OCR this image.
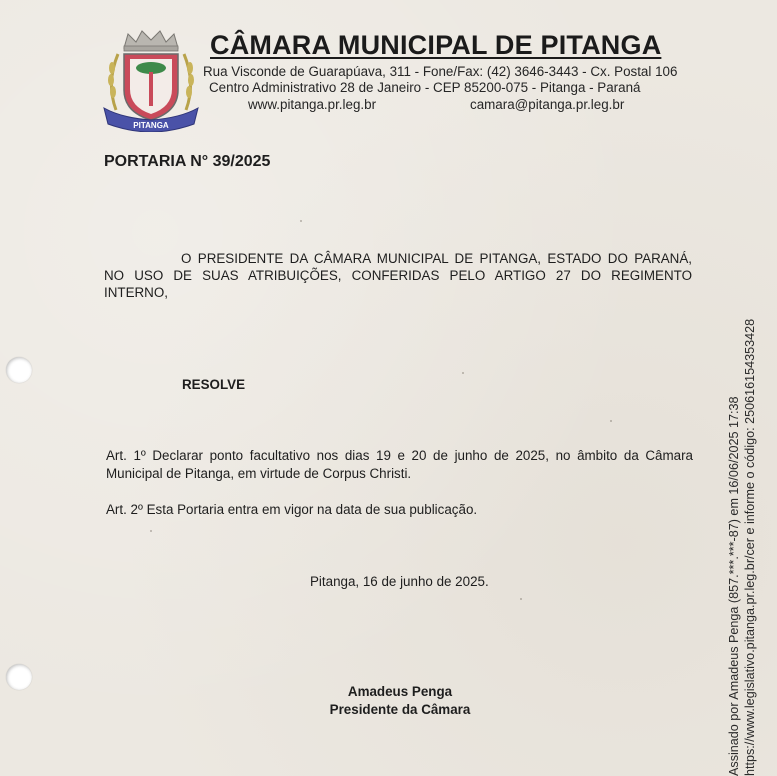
PITANGA
CÂMARA MUNICIPAL DE PITANGA
Rua Visconde de Guarapúava, 311 - Fone/Fax: (42) 3646-3443 - Cx. Postal 106
Centro Administrativo 28 de Janeiro - CEP 85200-075 - Pitanga - Paraná
www.pitanga.pr.leg.br	camara@pitanga.pr.leg.br
PORTARIA N° 39/2025
O PRESIDENTE DA CÂMARA MUNICIPAL DE PITANGA, ESTADO DO PARANÁ, NO USO DE SUAS ATRIBUIÇÕES, CONFERIDAS PELO ARTIGO 27 DO REGIMENTO INTERNO,
RESOLVE
Art. 1º Declarar ponto facultativo nos dias 19 e 20 de junho de 2025, no âmbito da Câmara Municipal de Pitanga, em virtude de Corpus Christi.
Art. 2º Esta Portaria entra em vigor na data de sua publicação.
Pitanga, 16 de junho de 2025.
Amadeus Penga
Presidente da Câmara	Assinado por Amadeus Penga (857.***.***-87) em 16/06/2025 17:38 https://www.legislativo.pitanga.pr.leg.br/cer e informe o código: 250616154353428
